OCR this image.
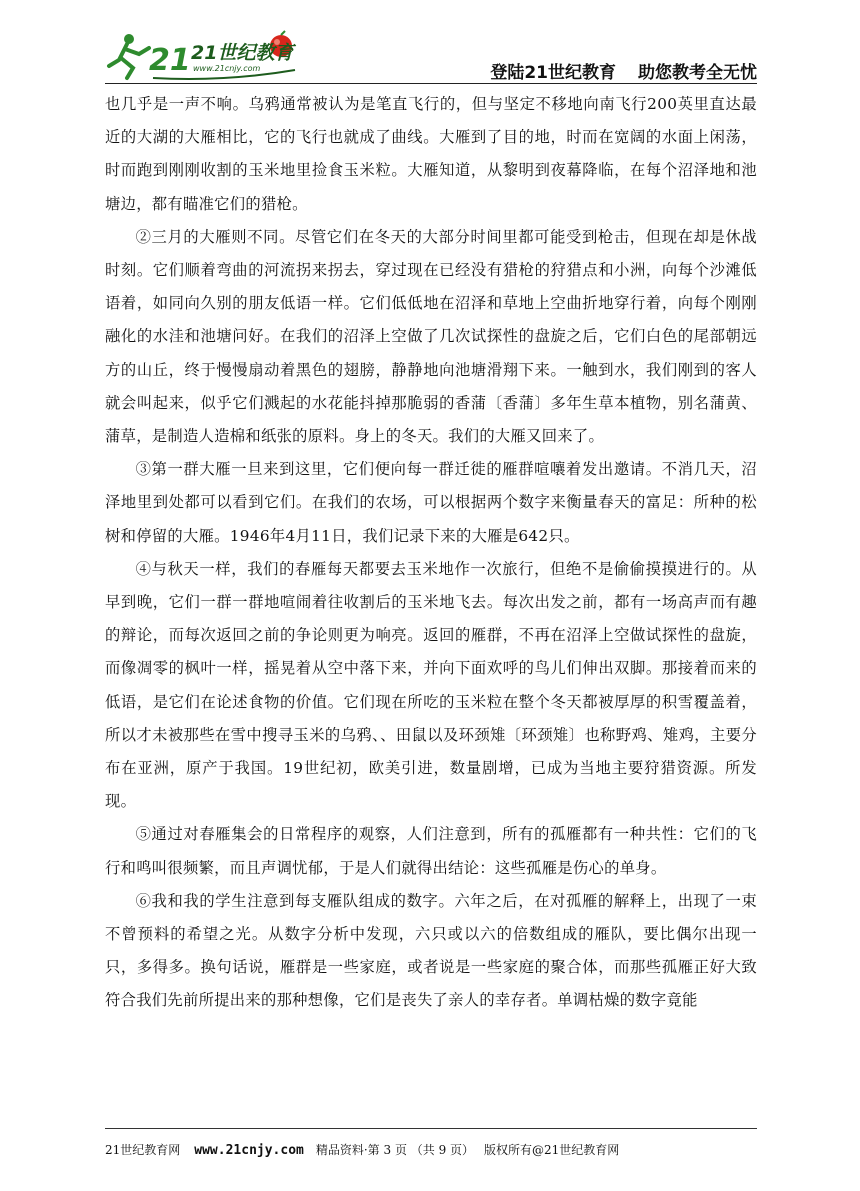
21 21世纪教育
www.21cnjy.com	登陆21世纪教育 助您教考全无忧

也几乎是一声不响。乌鸦通常被认为是笔直飞行的，但与坚定不移地向南飞行200英里直达最近的大湖的大雁相比，它的飞行也就成了曲线。大雁到了目的地，时而在宽阔的水面上闲荡，时而跑到刚刚收割的玉米地里捡食玉米粒。大雁知道，从黎明到夜幕降临，在每个沼泽地和池塘边，都有瞄准它们的猎枪。

②三月的大雁则不同。尽管它们在冬天的大部分时间里都可能受到枪击，但现在却是休战时刻。它们顺着弯曲的河流拐来拐去，穿过现在已经没有猎枪的狩猎点和小洲，向每个沙滩低语着，如同向久别的朋友低语一样。它们低低地在沼泽和草地上空曲折地穿行着，向每个刚刚融化的水洼和池塘问好。在我们的沼泽上空做了几次试探性的盘旋之后，它们白色的尾部朝远方的山丘，终于慢慢扇动着黑色的翅膀，静静地向池塘滑翔下来。一触到水，我们刚到的客人就会叫起来，似乎它们溅起的水花能抖掉那脆弱的香蒲〔香蒲〕多年生草本植物，别名蒲黄、蒲草，是制造人造棉和纸张的原料。身上的冬天。我们的大雁又回来了。

③第一群大雁一旦来到这里，它们便向每一群迁徙的雁群喧嚷着发出邀请。不消几天，沼泽地里到处都可以看到它们。在我们的农场，可以根据两个数字来衡量春天的富足：所种的松树和停留的大雁。1946年4月11日，我们记录下来的大雁是642只。

④与秋天一样，我们的春雁每天都要去玉米地作一次旅行，但绝不是偷偷摸摸进行的。从早到晚，它们一群一群地喧闹着往收割后的玉米地飞去。每次出发之前，都有一场高声而有趣的辩论，而每次返回之前的争论则更为响亮。返回的雁群，不再在沼泽上空做试探性的盘旋，而像凋零的枫叶一样，摇晃着从空中落下来，并向下面欢呼的鸟儿们伸出双脚。那接着而来的低语，是它们在论述食物的价值。它们现在所吃的玉米粒在整个冬天都被厚厚的积雪覆盖着，所以才未被那些在雪中搜寻玉米的乌鸦、、田鼠以及环颈雉〔环颈雉〕也称野鸡、雉鸡，主要分布在亚洲，原产于我国。19世纪初，欧美引进，数量剧增，已成为当地主要狩猎资源。所发现。

⑤通过对春雁集会的日常程序的观察，人们注意到，所有的孤雁都有一种共性：它们的飞行和鸣叫很频繁，而且声调忧郁，于是人们就得出结论：这些孤雁是伤心的单身。

⑥我和我的学生注意到每支雁队组成的数字。六年之后，在对孤雁的解释上，出现了一束不曾预料的希望之光。从数字分析中发现，六只或以六的倍数组成的雁队，要比偶尔出现一只，多得多。换句话说，雁群是一些家庭，或者说是一些家庭的聚合体，而那些孤雁正好大致符合我们先前所提出来的那种想像，它们是丧失了亲人的幸存者。单调枯燥的数字竟能

21世纪教育网 www.21cnjy.com 精品资料·第 3 页 （共 9 页） 版权所有@21世纪教育网
